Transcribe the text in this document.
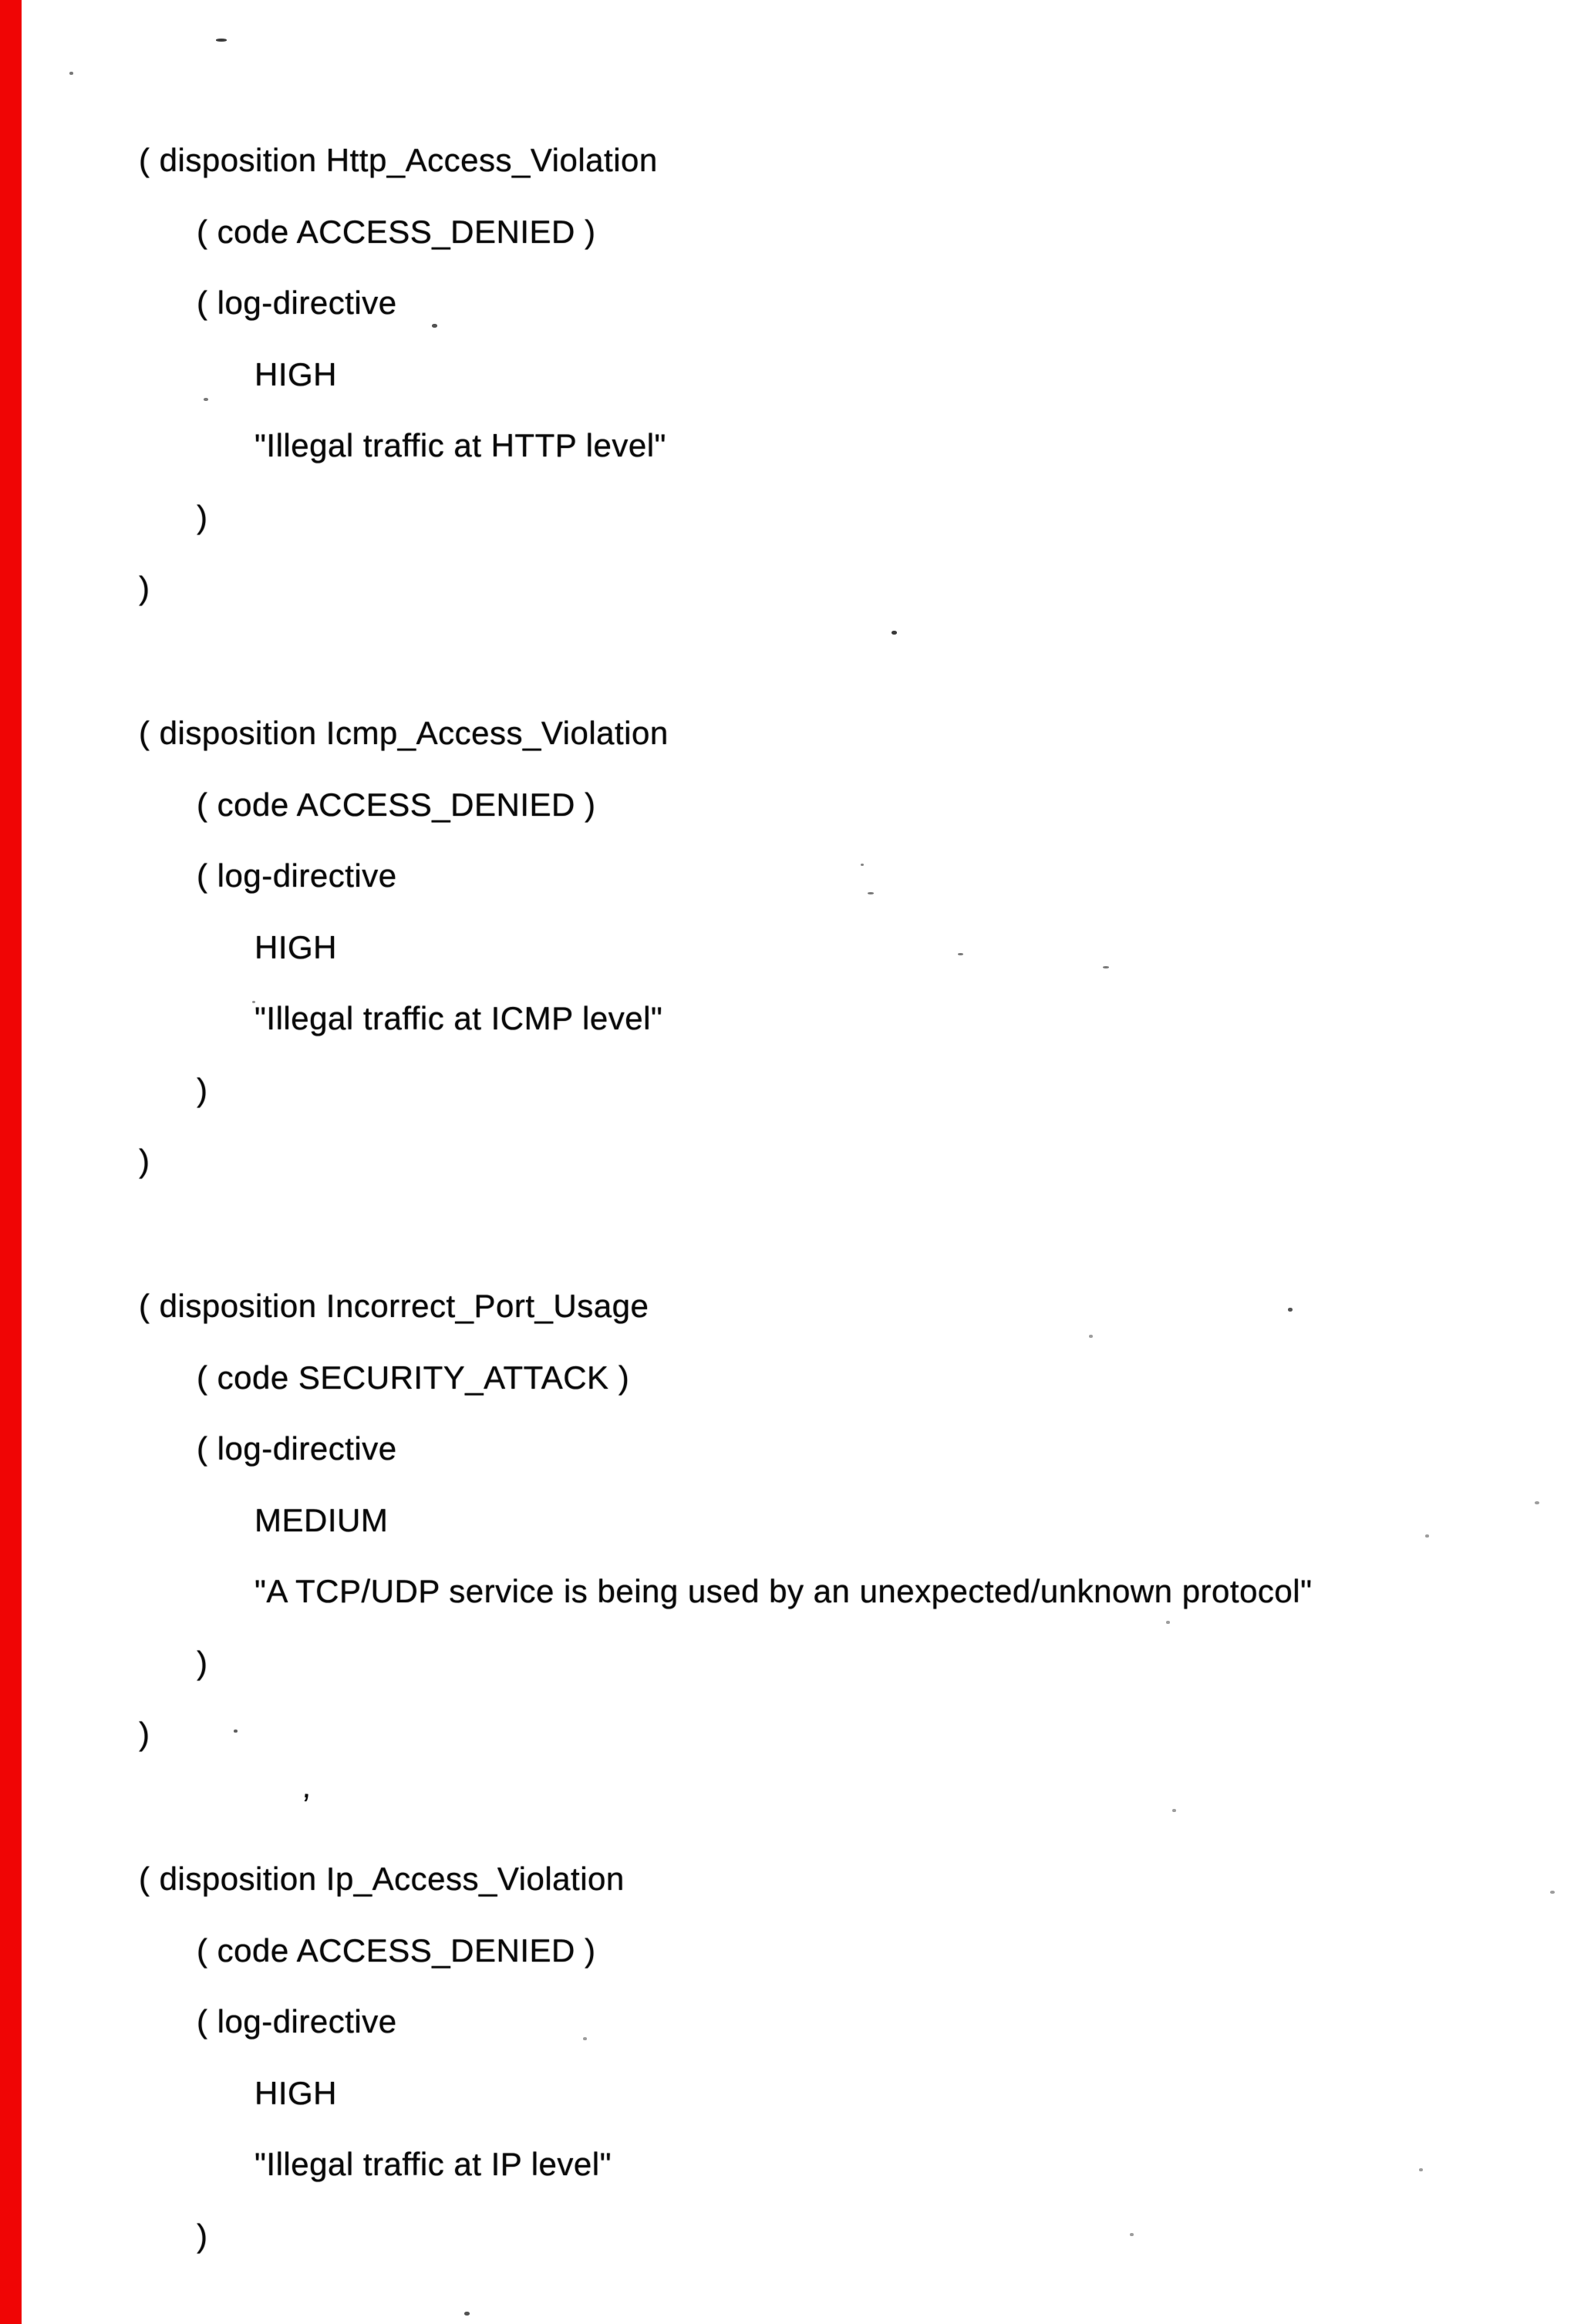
( disposition Http_Access_Violation
( code ACCESS_DENIED )
( log-directive
HIGH
"Illegal traffic at HTTP level"
)
)
( disposition Icmp_Access_Violation
( code ACCESS_DENIED )
( log-directive
HIGH
"Illegal traffic at ICMP level"
)
)
( disposition Incorrect_Port_Usage
( code SECURITY_ATTACK )
( log-directive
MEDIUM
"A TCP/UDP service is being used by an unexpected/unknown protocol"
)
)
( disposition Ip_Access_Violation
( code ACCESS_DENIED )
( log-directive
HIGH
"Illegal traffic at IP level"
)
,
